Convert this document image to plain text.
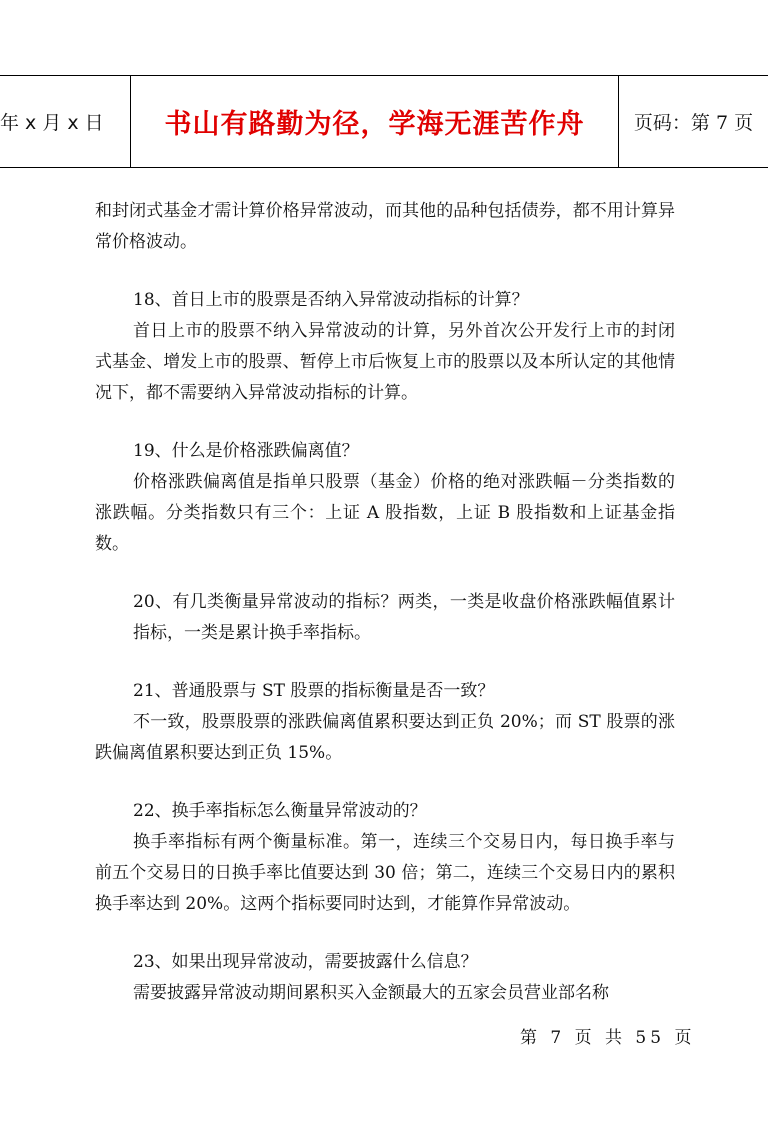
年 x 月 x 日	书山有路勤为径，学海无涯苦作舟	页码：第 7 页

和封闭式基金才需计算价格异常波动，而其他的品种包括债券，都不用计算异常价格波动。

18、首日上市的股票是否纳入异常波动指标的计算？

首日上市的股票不纳入异常波动的计算，另外首次公开发行上市的封闭式基金、增发上市的股票、暂停上市后恢复上市的股票以及本所认定的其他情况下，都不需要纳入异常波动指标的计算。

19、什么是价格涨跌偏离值？

价格涨跌偏离值是指单只股票（基金）价格的绝对涨跌幅－分类指数的涨跌幅。分类指数只有三个：上证 A 股指数，上证 B 股指数和上证基金指数。

20、有几类衡量异常波动的指标？两类，一类是收盘价格涨跌幅值累计指标，一类是累计换手率指标。

21、普通股票与 ST 股票的指标衡量是否一致？

不一致，股票股票的涨跌偏离值累积要达到正负 20%；而 ST 股票的涨跌偏离值累积要达到正负 15%。

22、换手率指标怎么衡量异常波动的？

换手率指标有两个衡量标准。第一，连续三个交易日内，每日换手率与前五个交易日的日换手率比值要达到 30 倍；第二，连续三个交易日内的累积换手率达到 20%。这两个指标要同时达到，才能算作异常波动。

23、如果出现异常波动，需要披露什么信息？

需要披露异常波动期间累积买入金额最大的五家会员营业部名称

第 7 页 共 55 页
